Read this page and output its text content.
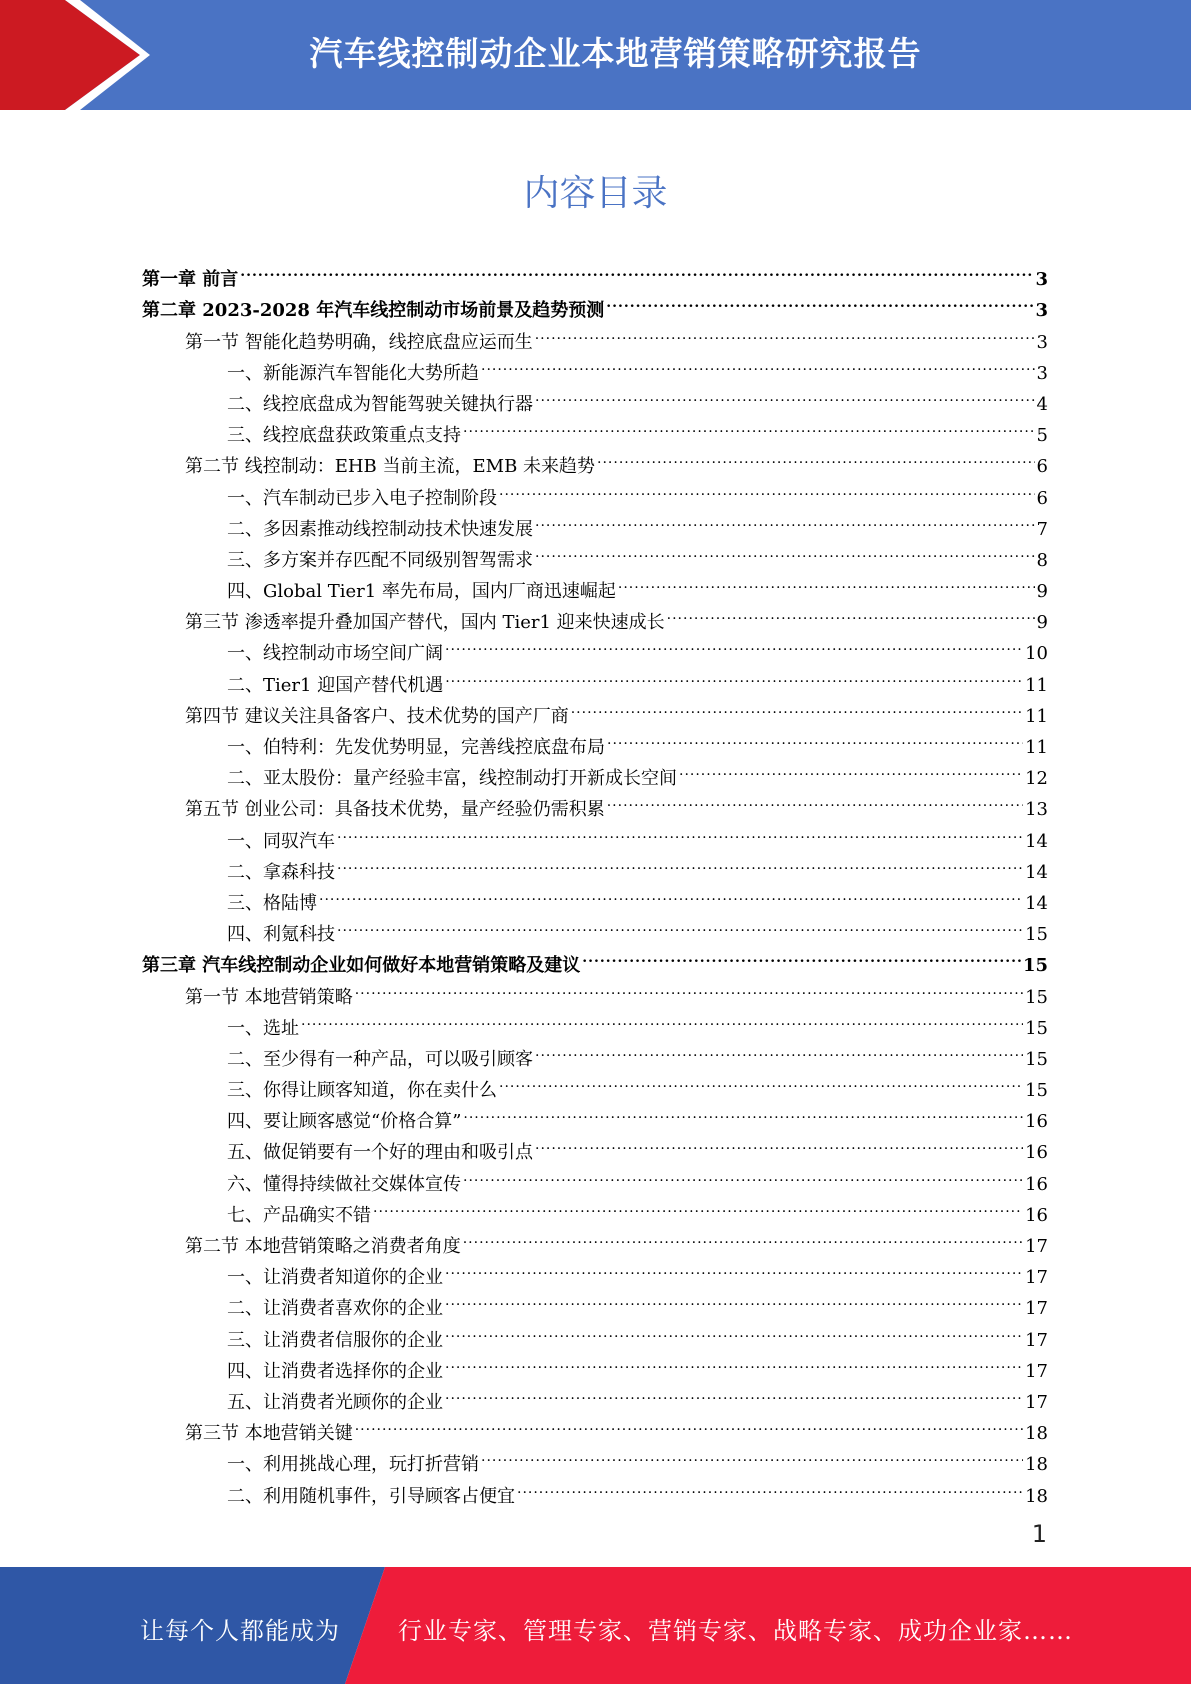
汽车线控制动企业本地营销策略研究报告
内容目录
第一章 前言 .....	3
第二章 2023-2028 年汽车线控制动市场前景及趋势预测 .....	3
第一节 智能化趋势明确，线控底盘应运而生 .....	3
一、新能源汽车智能化大势所趋 .....	3
二、线控底盘成为智能驾驶关键执行器 .....	4
三、线控底盘获政策重点支持 .....	5
第二节 线控制动：EHB 当前主流，EMB 未来趋势 .....	6
一、汽车制动已步入电子控制阶段 .....	6
二、多因素推动线控制动技术快速发展 .....	7
三、多方案并存匹配不同级别智驾需求 .....	8
四、Global Tier1 率先布局，国内厂商迅速崛起 .....	9
第三节 渗透率提升叠加国产替代，国内 Tier1 迎来快速成长 .....	9
一、线控制动市场空间广阔 .....	10
二、Tier1 迎国产替代机遇 .....	11
第四节 建议关注具备客户、技术优势的国产厂商 .....	11
一、伯特利：先发优势明显，完善线控底盘布局 .....	11
二、亚太股份：量产经验丰富，线控制动打开新成长空间 .....	12
第五节 创业公司：具备技术优势，量产经验仍需积累 .....	13
一、同驭汽车 .....	14
二、拿森科技 .....	14
三、格陆博 .....	14
四、利氪科技 .....	15
第三章 汽车线控制动企业如何做好本地营销策略及建议 .....	15
第一节 本地营销策略 .....	15
一、选址 .....	15
二、至少得有一种产品，可以吸引顾客 .....	15
三、你得让顾客知道，你在卖什么 .....	15
四、要让顾客感觉“价格合算” .....	16
五、做促销要有一个好的理由和吸引点 .....	16
六、懂得持续做社交媒体宣传 .....	16
七、产品确实不错 .....	16
第二节 本地营销策略之消费者角度 .....	17
一、让消费者知道你的企业 .....	17
二、让消费者喜欢你的企业 .....	17
三、让消费者信服你的企业 .....	17
四、让消费者选择你的企业 .....	17
五、让消费者光顾你的企业 .....	17
第三节 本地营销关键 .....	18
一、利用挑战心理，玩打折营销 .....	18
二、利用随机事件，引导顾客占便宜 .....	18
1
让每个人都能成为 行业专家、管理专家、营销专家、战略专家、成功企业家……
